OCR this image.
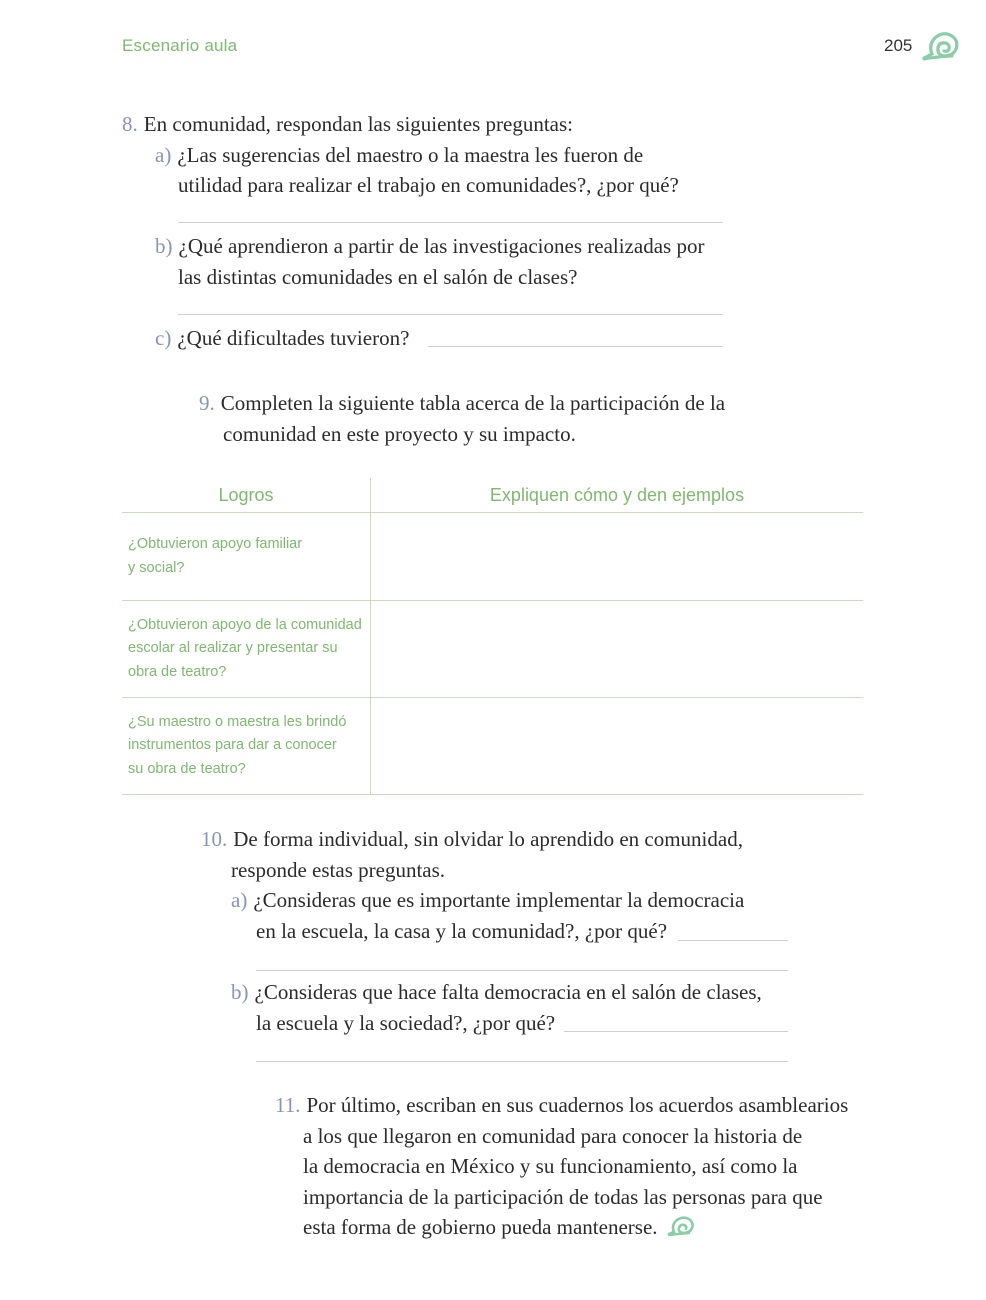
Escenario aula	205
8. En comunidad, respondan las siguientes preguntas:
a) ¿Las sugerencias del maestro o la maestra les fueron de
utilidad para realizar el trabajo en comunidades?, ¿por qué?
b) ¿Qué aprendieron a partir de las investigaciones realizadas por
las distintas comunidades en el salón de clases?
c) ¿Qué dificultades tuvieron?
9. Completen la siguiente tabla acerca de la participación de la
comunidad en este proyecto y su impacto.
Logros	Expliquen cómo y den ejemplos

¿Obtuvieron apoyo familiar
y social?	

¿Obtuvieron apoyo de la comunidad
escolar al realizar y presentar su
obra de teatro?	

¿Su maestro o maestra les brindó
instrumentos para dar a conocer
su obra de teatro?	

10. De forma individual, sin olvidar lo aprendido en comunidad,
responde estas preguntas.
a) ¿Consideras que es importante implementar la democracia
en la escuela, la casa y la comunidad?, ¿por qué?
b) ¿Consideras que hace falta democracia en el salón de clases,
la escuela y la sociedad?, ¿por qué?
11. Por último, escriban en sus cuadernos los acuerdos asamblearios
a los que llegaron en comunidad para conocer la historia de
la democracia en México y su funcionamiento, así como la
importancia de la participación de todas las personas para que
esta forma de gobierno pueda mantenerse.
